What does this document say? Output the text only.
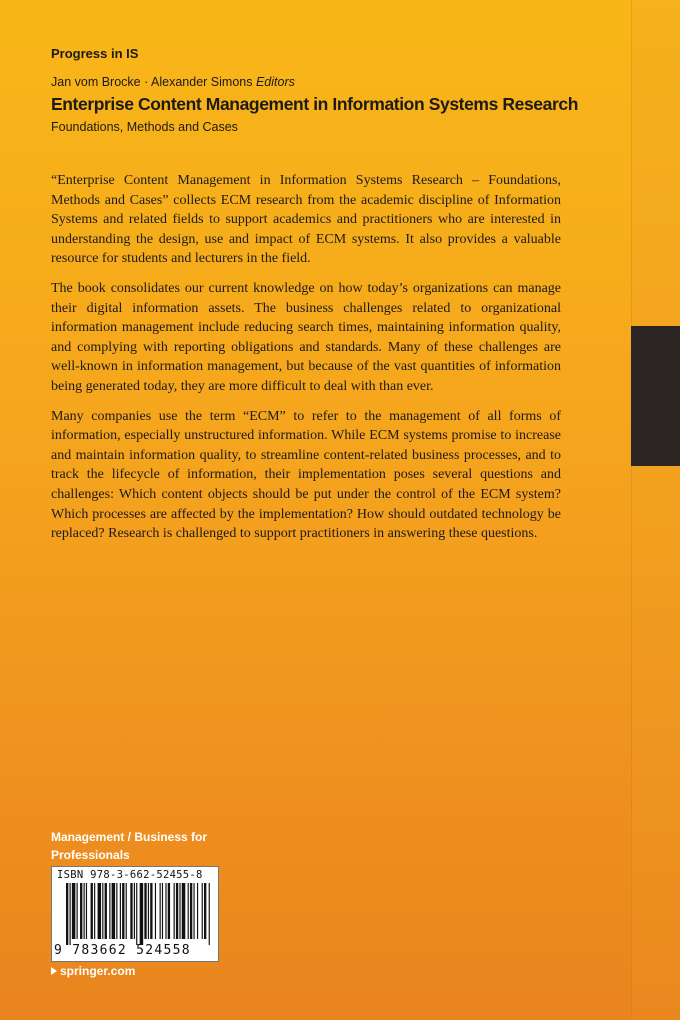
Progress in IS
Jan vom Brocke · Alexander Simons Editors
Enterprise Content Management in Information Systems Research
Foundations, Methods and Cases

“Enterprise Content Management in Information Systems Research – Foundations, Methods and Cases” collects ECM research from the academic discipline of Information Systems and related fields to support academics and practitioners who are interested in understanding the design, use and impact of ECM systems. It also provides a valuable resource for students and lecturers in the field.

The book consolidates our current knowledge on how today’s organizations can manage their digital information assets. The business challenges related to organizational information management include reducing search times, maintaining information quality, and complying with reporting obligations and standards. Many of these challenges are well-known in information management, but because of the vast quantities of information being generated today, they are more difficult to deal with than ever.

Many companies use the term “ECM” to refer to the management of all forms of information, especially unstructured information. While ECM systems promise to increase and maintain information quality, to streamline content-related business processes, and to track the lifecycle of information, their implementation poses several questions and challenges: Which content objects should be put under the control of the ECM system? Which processes are affected by the implementation? How should outdated technology be replaced? Research is challenged to support practitioners in answering these questions.

Management / Business for Professionals
ISBN 978-3-662-52455-8
9 783662 524558
springer.com
